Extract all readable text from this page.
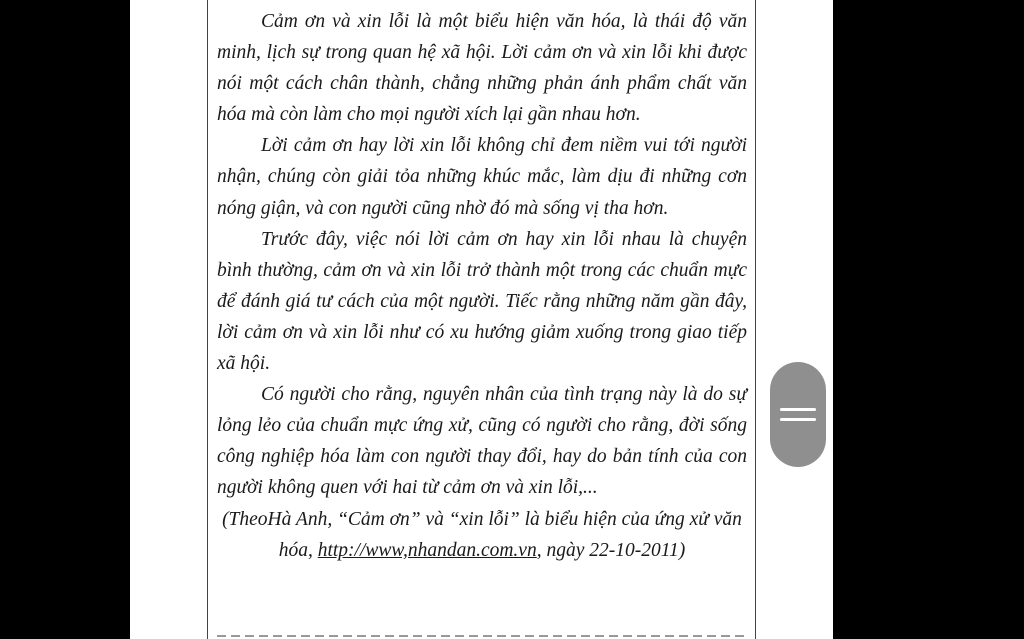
Cảm ơn và xin lỗi là một biểu hiện văn hóa, là thái độ văn minh, lịch sự trong quan hệ xã hội. Lời cảm ơn và xin lỗi khi được nói một cách chân thành, chẳng những phản ánh phẩm chất văn hóa mà còn làm cho mọi người xích lại gần nhau hơn.

Lời cảm ơn hay lời xin lỗi không chỉ đem niềm vui tới người nhận, chúng còn giải tỏa những khúc mắc, làm dịu đi những cơn nóng giận, và con người cũng nhờ đó mà sống vị tha hơn.

Trước đây, việc nói lời cảm ơn hay xin lỗi nhau là chuyện bình thường, cảm ơn và xin lỗi trở thành một trong các chuẩn mực để đánh giá tư cách của một người. Tiếc rằng những năm gần đây, lời cảm ơn và xin lỗi như có xu hướng giảm xuống trong giao tiếp xã hội.

Có người cho rằng, nguyên nhân của tình trạng này là do sự lỏng lẻo của chuẩn mực ứng xử, cũng có người cho rằng, đời sống công nghiệp hóa làm con người thay đổi, hay do bản tính của con người không quen với hai từ cảm ơn và xin lỗi,...

(TheoHà Anh, “Cảm ơn” và “xin lỗi” là biểu hiện của ứng xử văn hóa, http://www,nhandan.com.vn, ngày 22-10-2011)
